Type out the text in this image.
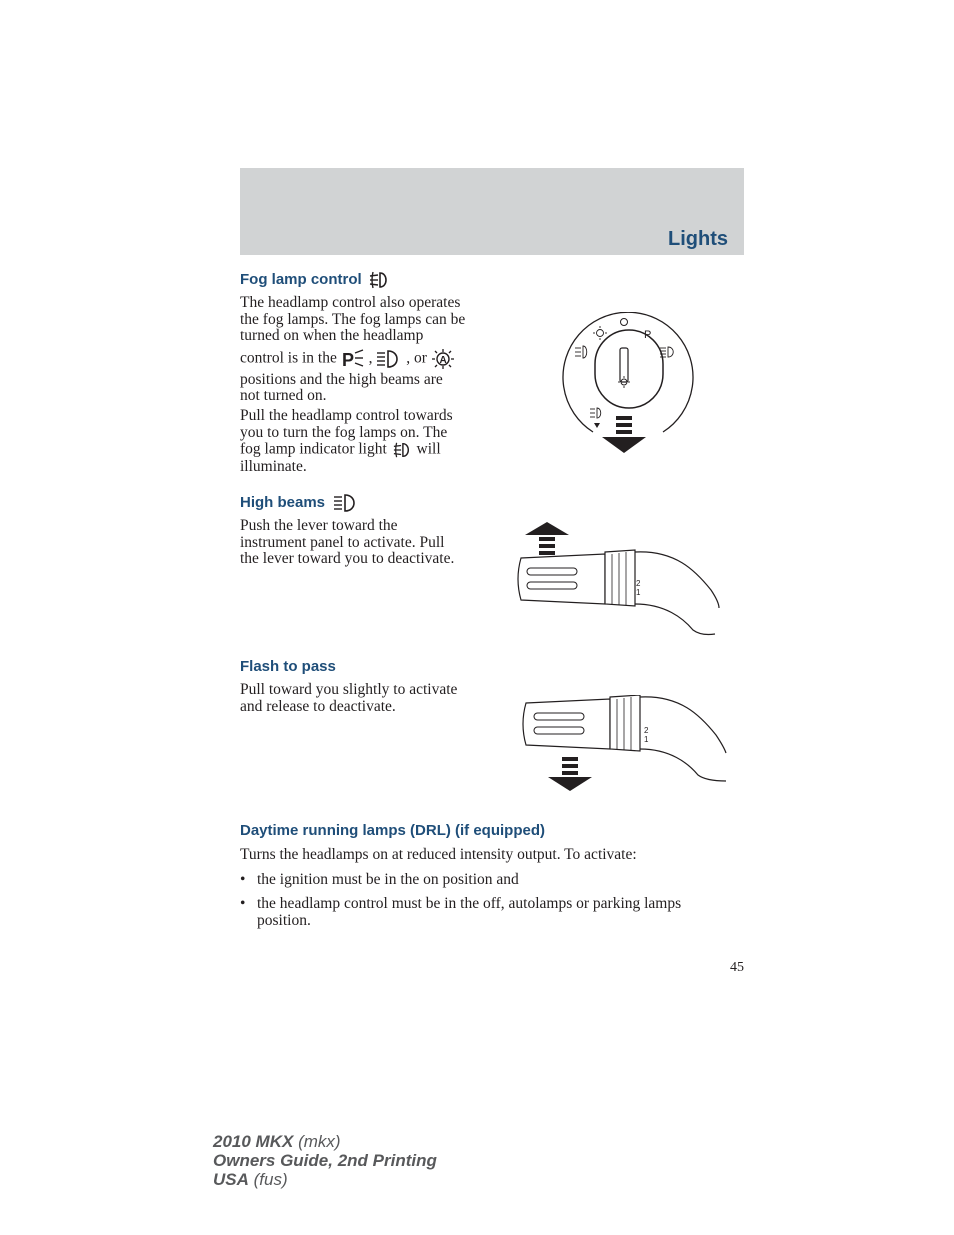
Lights
Fog lamp control
The headlamp control also operates
the fog lamps. The fog lamps can be
turned on when the headlamp
control is in the P , , or A
positions and the high beams are
not turned on.
Pull the headlamp control towards
you to turn the fog lamps on. The
fog lamp indicator light will
illuminate.
P
High beams
Push the lever toward the
instrument panel to activate. Pull
the lever toward you to deactivate.
2
1
Flash to pass
Pull toward you slightly to activate
and release to deactivate.
2
1
Daytime running lamps (DRL) (if equipped)
Turns the headlamps on at reduced intensity output. To activate:
• the ignition must be in the on position and
• the headlamp control must be in the off, autolamps or parking lamps
position.
45
2010 MKX (mkx)
Owners Guide, 2nd Printing
USA (fus)
